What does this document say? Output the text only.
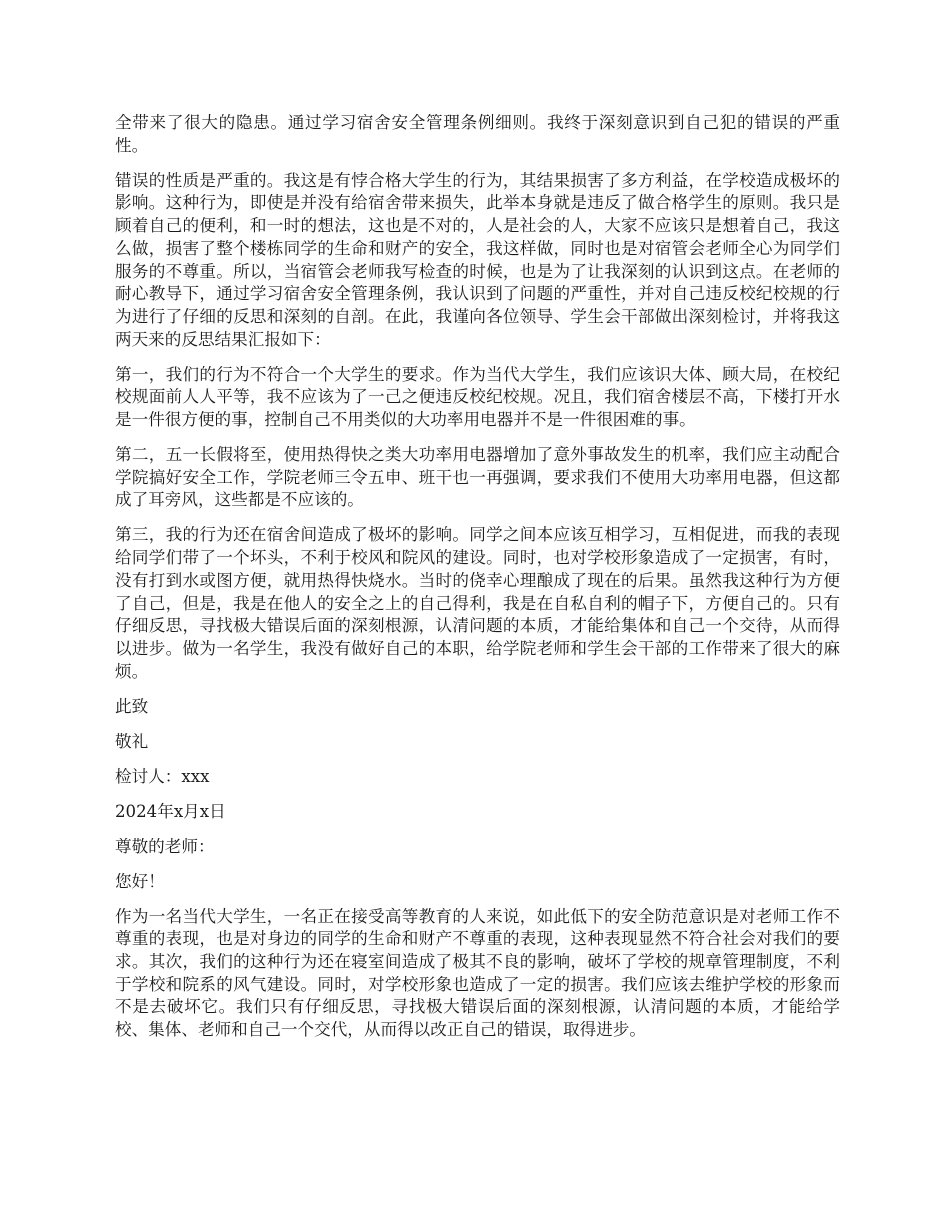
全带来了很大的隐患。通过学习宿舍安全管理条例细则。我终于深刻意识到自己犯的错误的严重性。

错误的性质是严重的。我这是有悖合格大学生的行为，其结果损害了多方利益，在学校造成极坏的影响。这种行为，即使是并没有给宿舍带来损失，此举本身就是违反了做合格学生的原则。我只是顾着自己的便利，和一时的想法，这也是不对的，人是社会的人，大家不应该只是想着自己，我这么做，损害了整个楼栋同学的生命和财产的安全，我这样做，同时也是对宿管会老师全心为同学们服务的不尊重。所以，当宿管会老师我写检查的时候，也是为了让我深刻的认识到这点。在老师的耐心教导下，通过学习宿舍安全管理条例，我认识到了问题的严重性，并对自己违反校纪校规的行为进行了仔细的反思和深刻的自剖。在此，我谨向各位领导、学生会干部做出深刻检讨，并将我这两天来的反思结果汇报如下：

第一，我们的行为不符合一个大学生的要求。作为当代大学生，我们应该识大体、顾大局，在校纪校规面前人人平等，我不应该为了一己之便违反校纪校规。况且，我们宿舍楼层不高，下楼打开水是一件很方便的事，控制自己不用类似的大功率用电器并不是一件很困难的事。

第二，五一长假将至，使用热得快之类大功率用电器增加了意外事故发生的机率，我们应主动配合学院搞好安全工作，学院老师三令五申、班干也一再强调，要求我们不使用大功率用电器，但这都成了耳旁风，这些都是不应该的。

第三，我的行为还在宿舍间造成了极坏的影响。同学之间本应该互相学习，互相促进，而我的表现给同学们带了一个坏头，不利于校风和院风的建设。同时，也对学校形象造成了一定损害，有时，没有打到水或图方便，就用热得快烧水。当时的侥幸心理酿成了现在的后果。虽然我这种行为方便了自己，但是，我是在他人的安全之上的自己得利，我是在自私自利的帽子下，方便自己的。只有仔细反思，寻找极大错误后面的深刻根源，认清问题的本质，才能给集体和自己一个交待，从而得以进步。做为一名学生，我没有做好自己的本职，给学院老师和学生会干部的工作带来了很大的麻烦。

此致

敬礼

检讨人：xxx

2024年x月x日

尊敬的老师：

您好！

作为一名当代大学生，一名正在接受高等教育的人来说，如此低下的安全防范意识是对老师工作不尊重的表现，也是对身边的同学的生命和财产不尊重的表现，这种表现显然不符合社会对我们的要求。其次，我们的这种行为还在寝室间造成了极其不良的影响，破坏了学校的规章管理制度，不利于学校和院系的风气建设。同时，对学校形象也造成了一定的损害。我们应该去维护学校的形象而不是去破坏它。我们只有仔细反思，寻找极大错误后面的深刻根源，认清问题的本质，才能给学校、集体、老师和自己一个交代，从而得以改正自己的错误，取得进步。
